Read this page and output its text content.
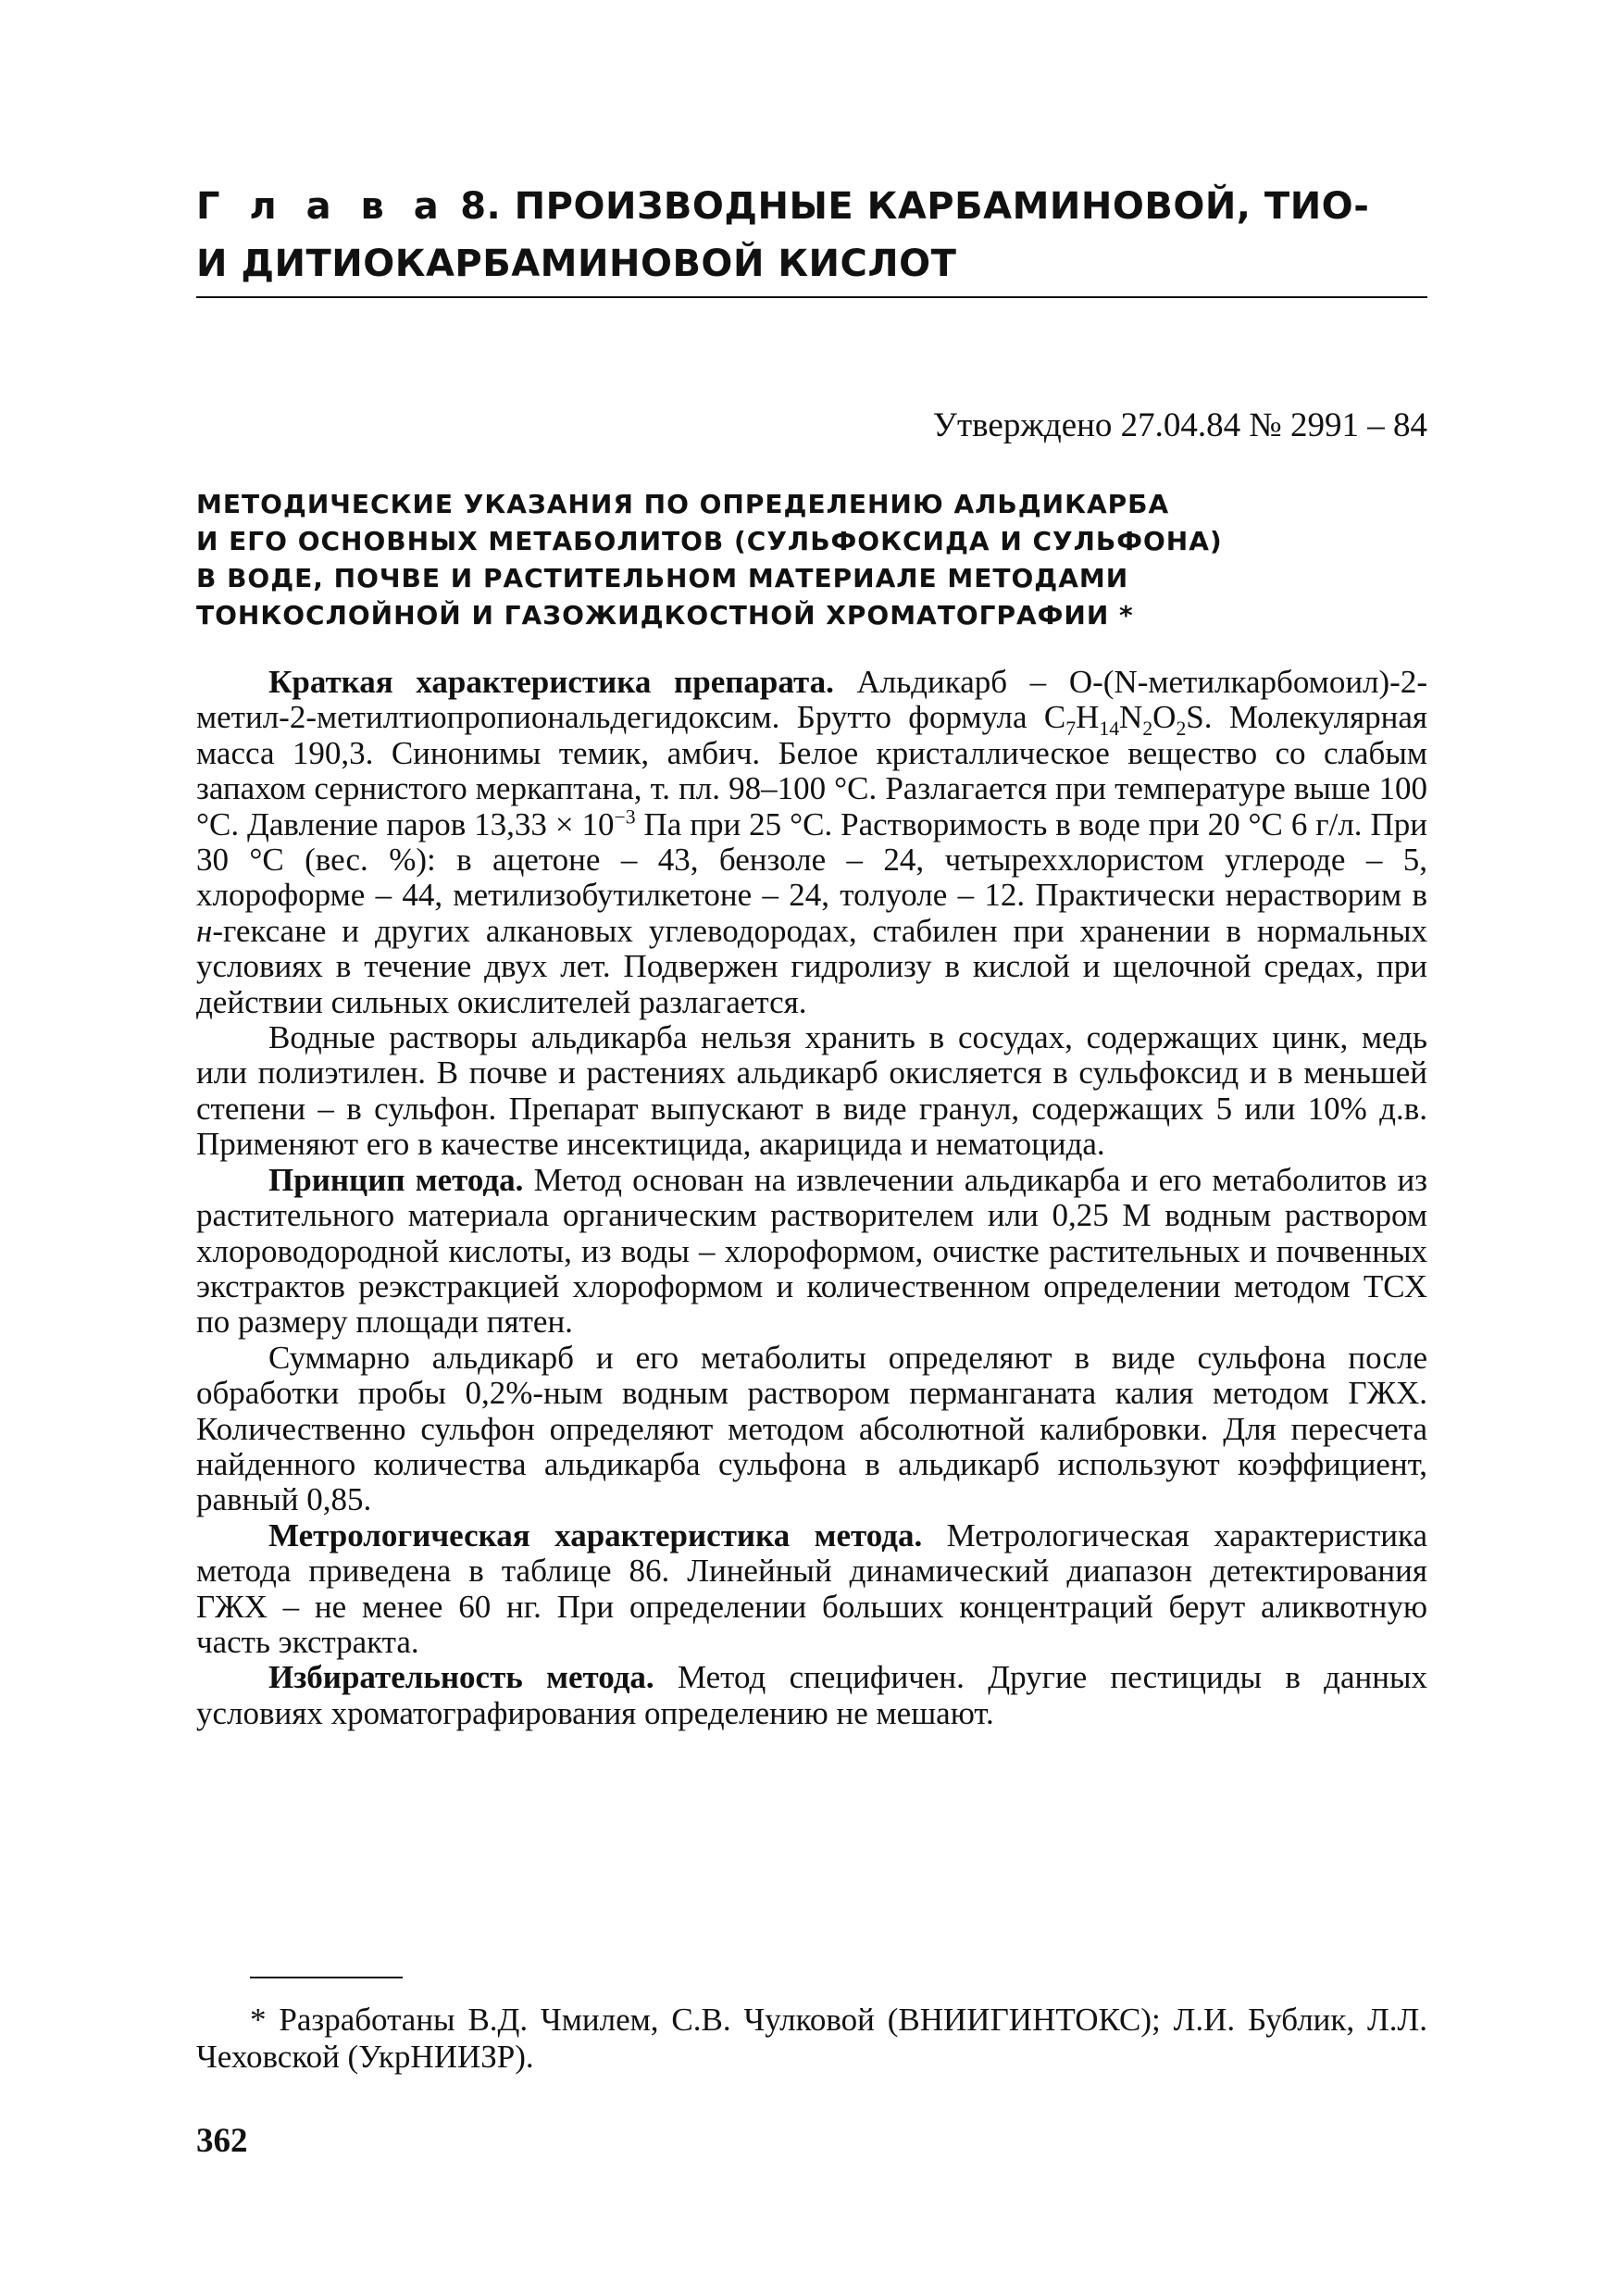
Г л а в а 8. ПРОИЗВОДНЫЕ КАРБАМИНОВОЙ, ТИО-
И ДИТИОКАРБАМИНОВОЙ КИСЛОТ
Утверждено 27.04.84 № 2991 – 84
МЕТОДИЧЕСКИЕ УКАЗАНИЯ ПО ОПРЕДЕЛЕНИЮ АЛЬДИКАРБА
И ЕГО ОСНОВНЫХ МЕТАБОЛИТОВ (СУЛЬФОКСИДА И СУЛЬФОНА)
В ВОДЕ, ПОЧВЕ И РАСТИТЕЛЬНОМ МАТЕРИАЛЕ МЕТОДАМИ
ТОНКОСЛОЙНОЙ И ГАЗОЖИДКОСТНОЙ ХРОМАТОГРАФИИ *

Краткая характеристика препарата. Альдикарб – О-(N-метилкарбомоил)-2-метил-2-метилтиопропиональдегидоксим. Брутто формула $C_7H_{14}N_2O_2S$. Молекулярная масса 190,3. Синонимы темик, амбич. Белое кристаллическое вещество со слабым запахом сернистого меркаптана, т. пл. 98–100 °С. Разлагается при температуре выше 100 °С. Давление паров $13,33 \times 10^{-3}$ Па при 25 °С. Растворимость в воде при 20 °С 6 г/л. При 30 °С (вес. %): в ацетоне – 43, бензоле – 24, четыреххлористом углероде – 5, хлороформе – 44, метилизобутилкетоне – 24, толуоле – 12. Практически нерастворим в н-гексане и других алкановых углеводородах, стабилен при хранении в нормальных условиях в течение двух лет. Подвержен гидролизу в кислой и щелочной средах, при действии сильных окислителей разлагается.

Водные растворы альдикарба нельзя хранить в сосудах, содержащих цинк, медь или полиэтилен. В почве и растениях альдикарб окисляется в сульфоксид и в меньшей степени – в сульфон. Препарат выпускают в виде гранул, содержащих 5 или 10% д.в. Применяют его в качестве инсектицида, акарицида и нематоцида.

Принцип метода. Метод основан на извлечении альдикарба и его метаболитов из растительного материала органическим растворителем или 0,25 М водным раствором хлороводородной кислоты, из воды – хлороформом, очистке растительных и почвенных экстрактов реэкстракцией хлороформом и количественном определении методом ТСХ по размеру площади пятен.

Суммарно альдикарб и его метаболиты определяют в виде сульфона после обработки пробы 0,2%-ным водным раствором перманганата калия методом ГЖХ. Количественно сульфон определяют методом абсолютной калибровки. Для пересчета найденного количества альдикарба сульфона в альдикарб используют коэффициент, равный 0,85.

Метрологическая характеристика метода. Метрологическая характеристика метода приведена в таблице 86. Линейный динамический диапазон детектирования ГЖХ – не менее 60 нг. При определении больших концентраций берут аликвотную часть экстракта.

Избирательность метода. Метод специфичен. Другие пестициды в данных условиях хроматографирования определению не мешают.

* Разработаны В.Д. Чмилем, С.В. Чулковой (ВНИИГИНТОКС); Л.И. Бублик, Л.Л. Чеховской (УкрНИИЗР).

362
